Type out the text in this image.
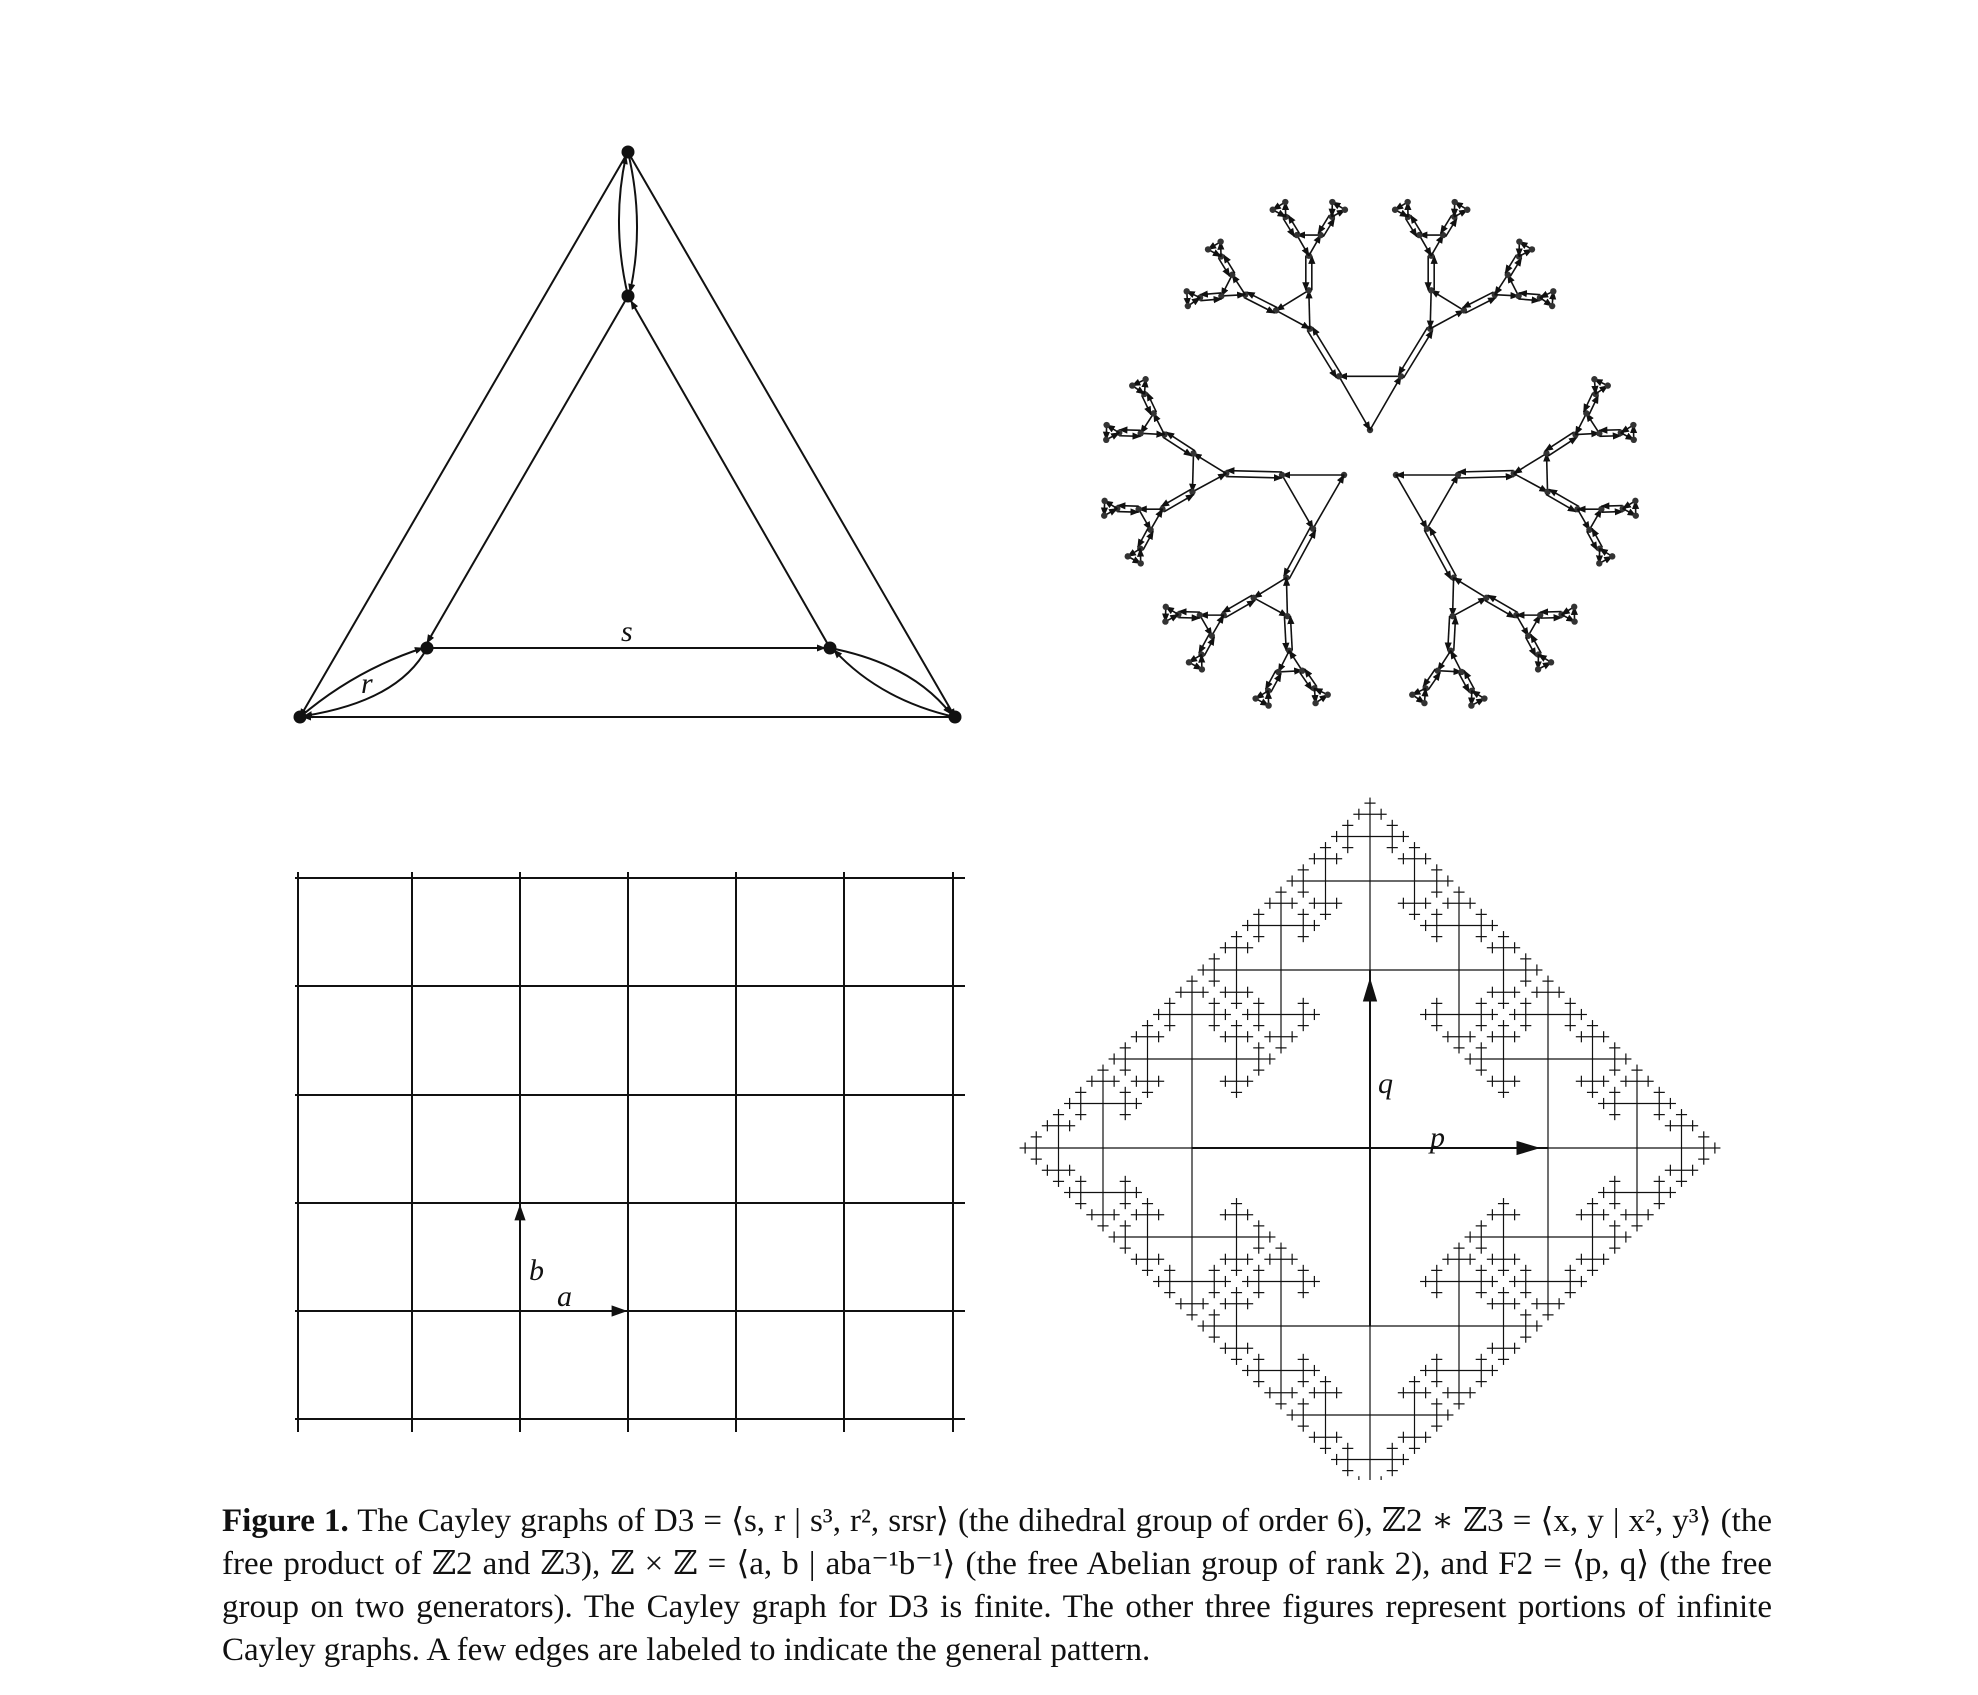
s
r
a
b
p
q
Figure 1. The Cayley graphs of D3 = ⟨s, r | s³, r², srsr⟩ (the dihedral group of order 6), ℤ2 ∗ ℤ3 = ⟨x, y | x², y³⟩ (the free product of ℤ2 and ℤ3), ℤ × ℤ = ⟨a, b | aba⁻¹b⁻¹⟩ (the free Abelian group of rank 2), and F2 = ⟨p, q⟩ (the free group on two generators). The Cayley graph for D3 is finite. The other three figures represent portions of infinite Cayley graphs. A few edges are labeled to indicate the general pattern.
